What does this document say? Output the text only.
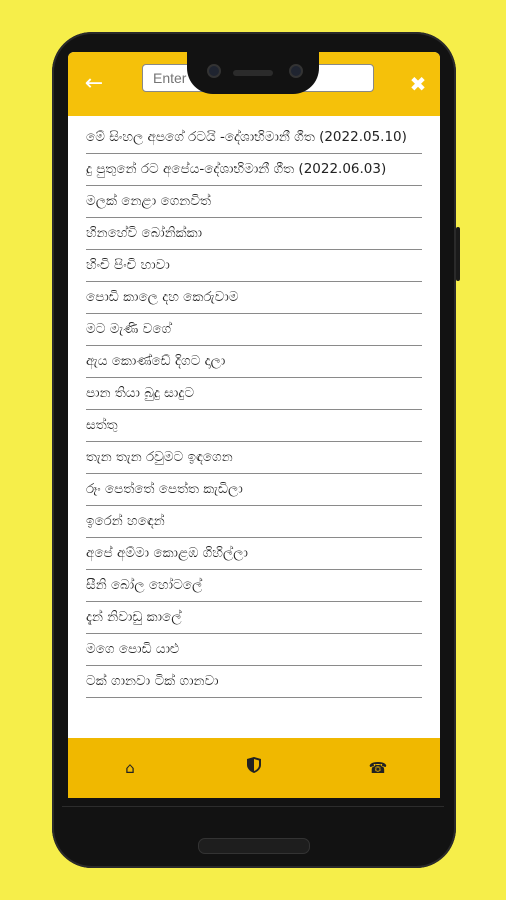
←
Enter	✖
මේ සිංහල අපගේ රටයි -දේශාභිමානී ගීත (2022.05.10)
දු පුතුනේ රට අපේය-දේශාභිමානී ගීත (2022.06.03)
මලක් නෙළා ගෙනවිත්
හිනහේවි බෝනික්කා
හිංචි පිංචි හාවා
පොඩි කාලෙ දහ කෙරුවාම
මට මැණි වගේ
ඇය කොණ්ඩේ දිගට දාලා
පාන තියා බුදු සාදුට
සත්තු
තැන තැන රවුමට ඉඳගෙන
රූං පෙත්තේ පෙත්ත කැඩිලා
ඉරෙන් හඳෙන්
අපේ අම්මා කොළඹ ගිහිල්ලා
සීනි බෝල හෝටලේ
දැන් නිවාඩු කාලේ
මගෙ පොඩි යාළු
ටක් ගානවා ටික් ගානවා
⌂	☎
